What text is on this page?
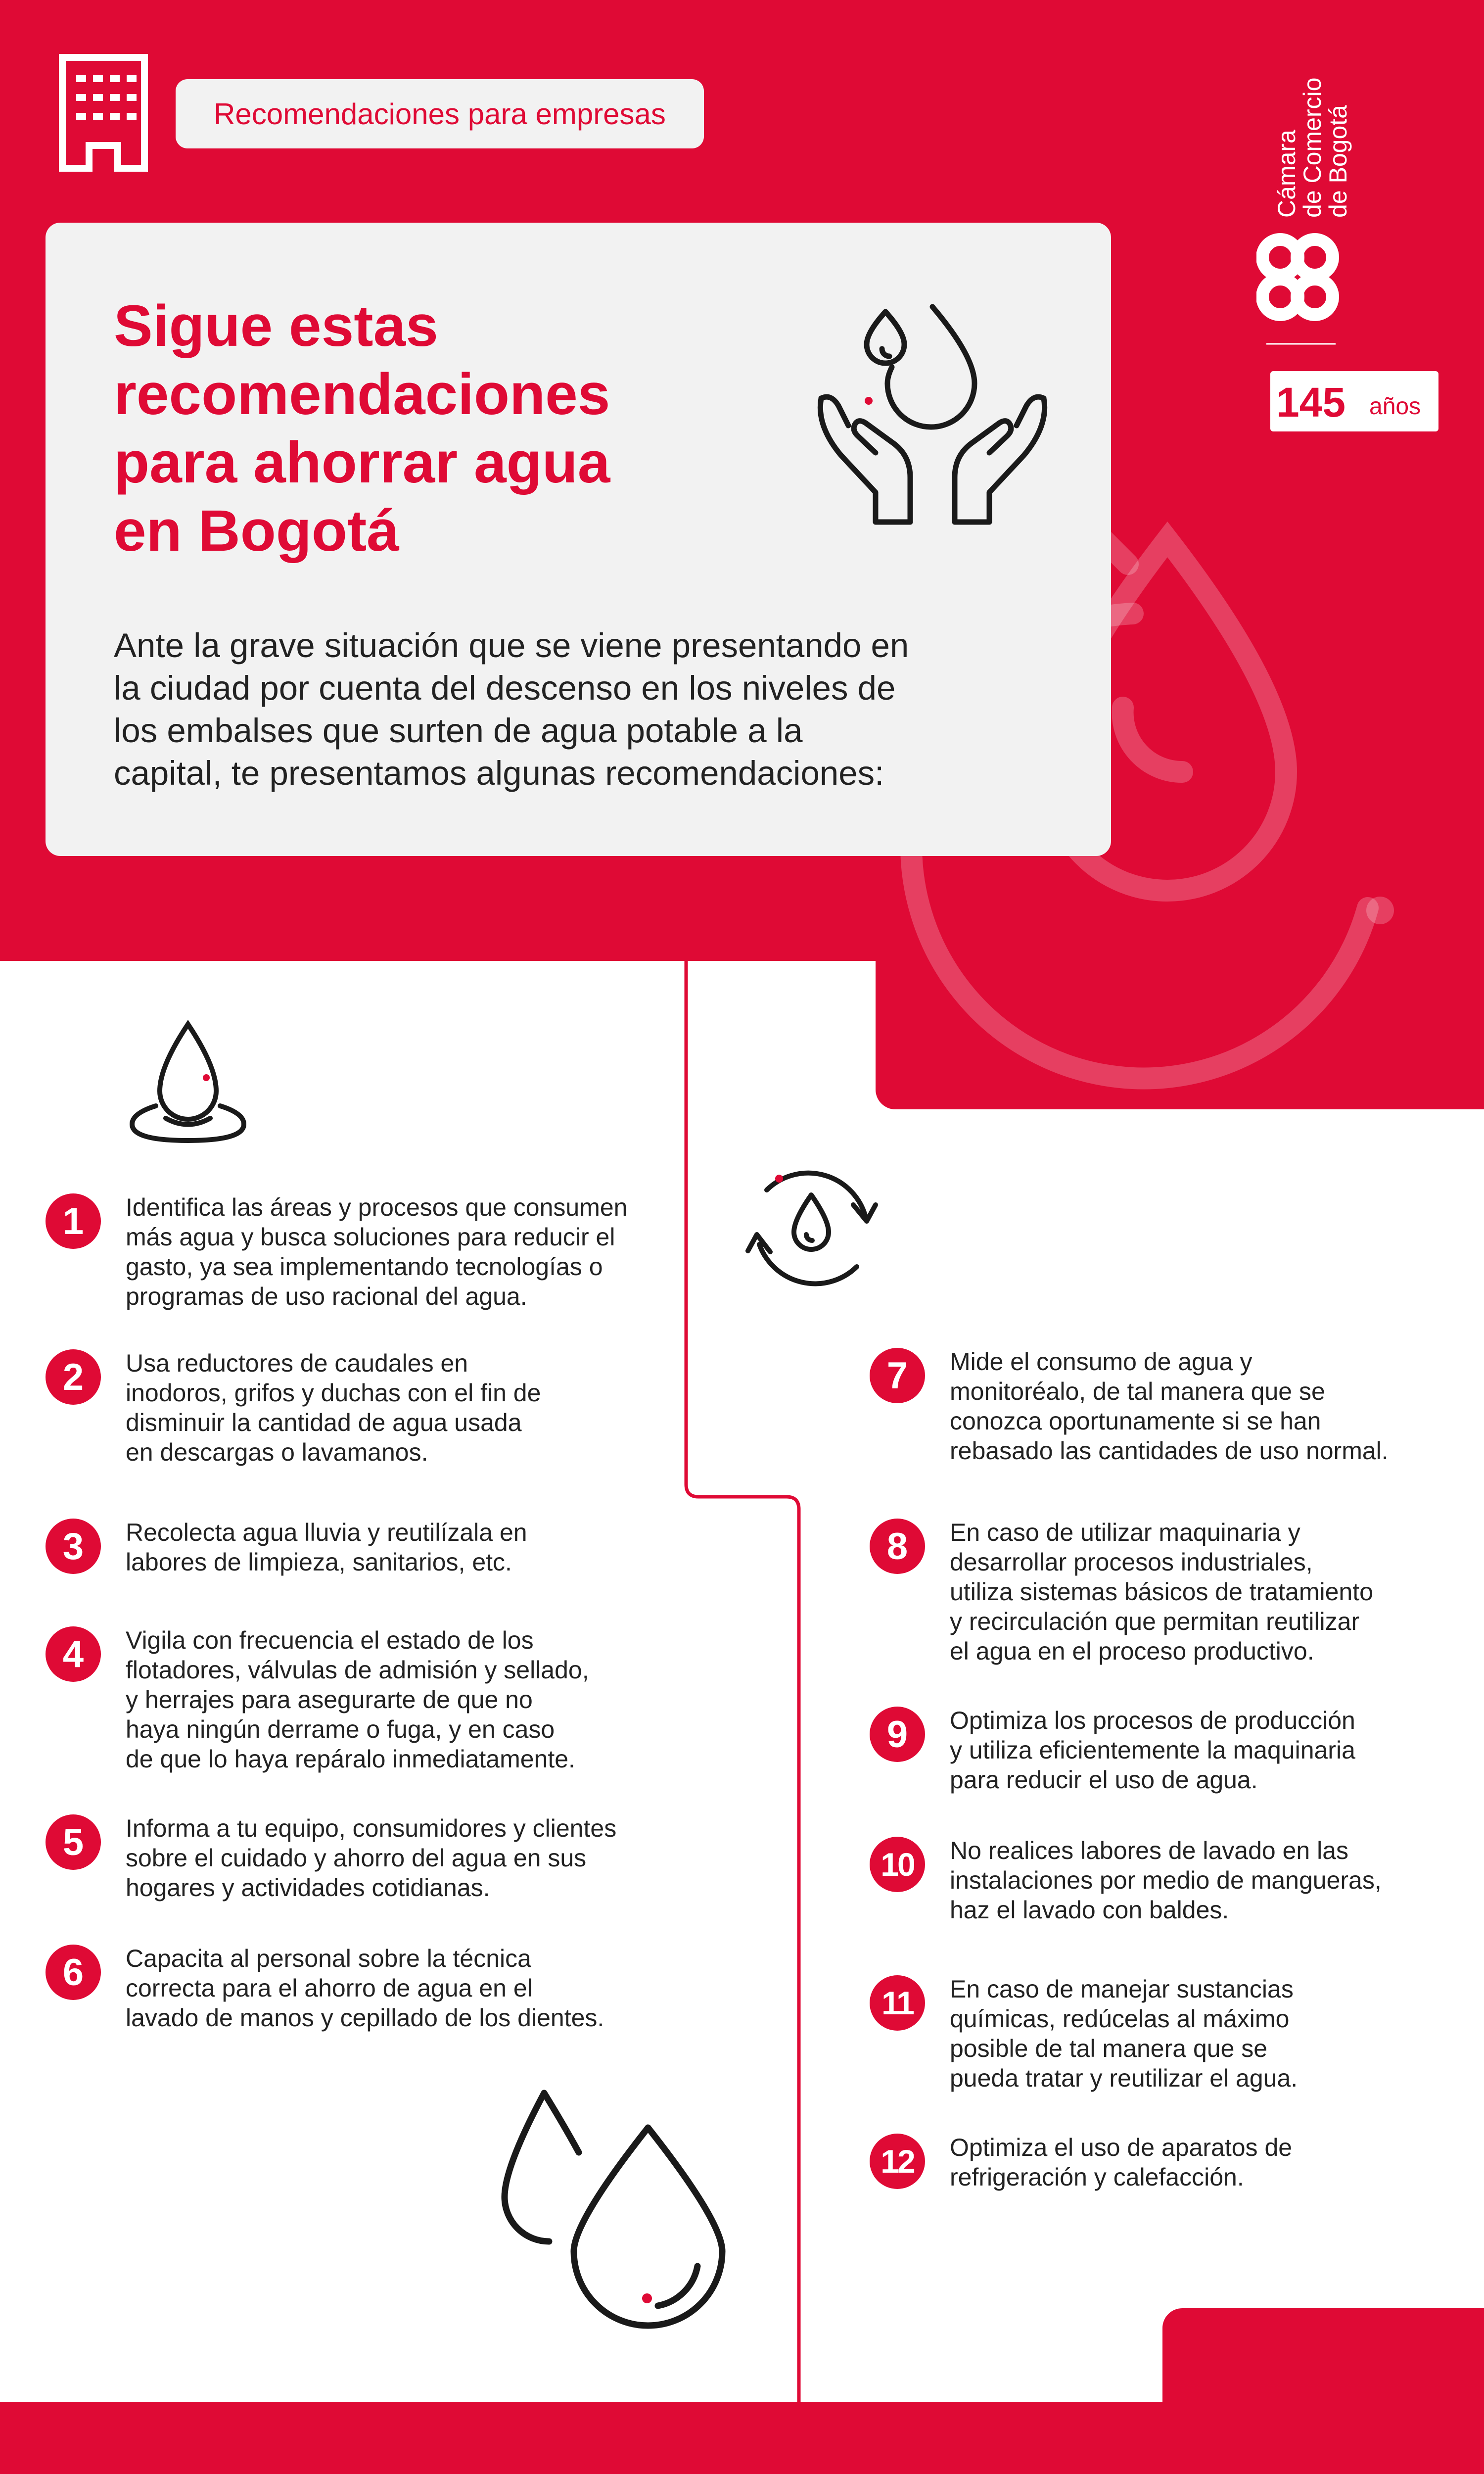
Recomendaciones para empresas
Cámara
de Comercio
de Bogotá
145 años
Sigue estas
recomendaciones
para ahorrar agua
en Bogotá
Ante la grave situación que se viene presentando en
la ciudad por cuenta del descenso en los niveles de
los embalses que surten de agua potable a la
capital, te presentamos algunas recomendaciones:
1	Identifica las áreas y procesos que consumen
más agua y busca soluciones para reducir el
gasto, ya sea implementando tecnologías o
programas de uso racional del agua.
2	Usa reductores de caudales en
inodoros, grifos y duchas con el fin de
disminuir la cantidad de agua usada
en descargas o lavamanos.
3	Recolecta agua lluvia y reutilízala en
labores de limpieza, sanitarios, etc.
4	Vigila con frecuencia el estado de los
flotadores, válvulas de admisión y sellado,
y herrajes para asegurarte de que no
haya ningún derrame o fuga, y en caso
de que lo haya repáralo inmediatamente.
5	Informa a tu equipo, consumidores y clientes
sobre el cuidado y ahorro del agua en sus
hogares y actividades cotidianas.
6	Capacita al personal sobre la técnica
correcta para el ahorro de agua en el
lavado de manos y cepillado de los dientes.
7	Mide el consumo de agua y
monitoréalo, de tal manera que se
conozca oportunamente si se han
rebasado las cantidades de uso normal.
8	En caso de utilizar maquinaria y
desarrollar procesos industriales,
utiliza sistemas básicos de tratamiento
y recirculación que permitan reutilizar
el agua en el proceso productivo.
9	Optimiza los procesos de producción
y utiliza eficientemente la maquinaria
para reducir el uso de agua.
10	No realices labores de lavado en las
instalaciones por medio de mangueras,
haz el lavado con baldes.
11	En caso de manejar sustancias
químicas, redúcelas al máximo
posible de tal manera que se
pueda tratar y reutilizar el agua.
12	Optimiza el uso de aparatos de
refrigeración y calefacción.
